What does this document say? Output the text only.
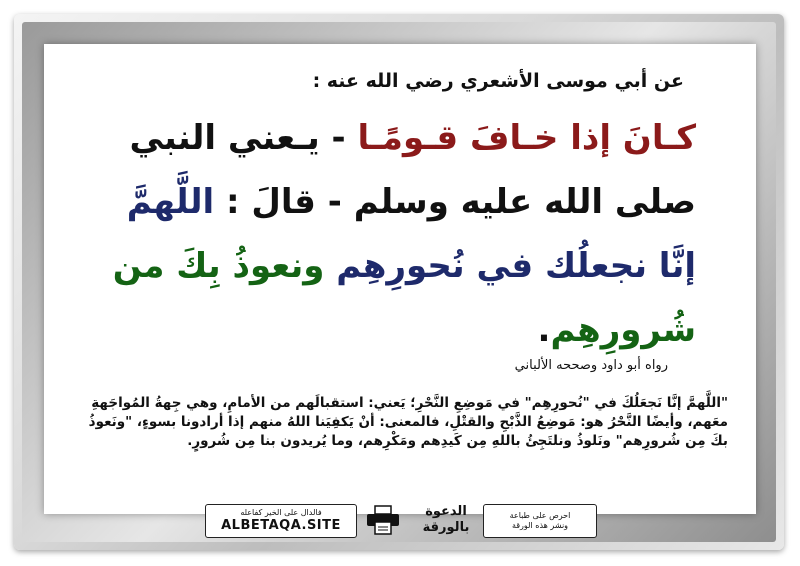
عن أبي موسى الأشعري رضي الله عنه :
كـانَ إذا خـافَ قـومًـا - يـعني النبي صلى الله عليه وسلم - قالَ : اللَّهمَّ إنَّا نجعلُك في نُحورِهِم ونعوذُ بِكَ من شُرورِهِم.
رواه أبو داود وصححه الألباني
"اللَّهمَّ إنَّا نَجعَلُكَ في "نُحورِهِم" في مَوضِعِ النَّحْرِ؛ يَعني: استقبالَهم من الأمامِ، وهي جِهةُ المُواجَهةِ معَهم، وأيضًا النَّحْرُ هو: مَوضِعُ الذَّبْحِ والقتْلِ، فالمعنى: أنْ يَكفِيَنا اللهُ منهم إذا أرادونا بسوءٍ، "ونَعوذُ بكَ مِن شُرورِهم" ونَلوذُ ونلتَجِئُ باللهِ مِن كَيدِهم ومَكْرِهم، وما يُريدون بنا مِن شُرورٍ.
فالدال على الخير كفاعله
ALBETAQA.SITE
الدعوة
بالورقة
احرص على طباعة
ونشر هذه الورقة
